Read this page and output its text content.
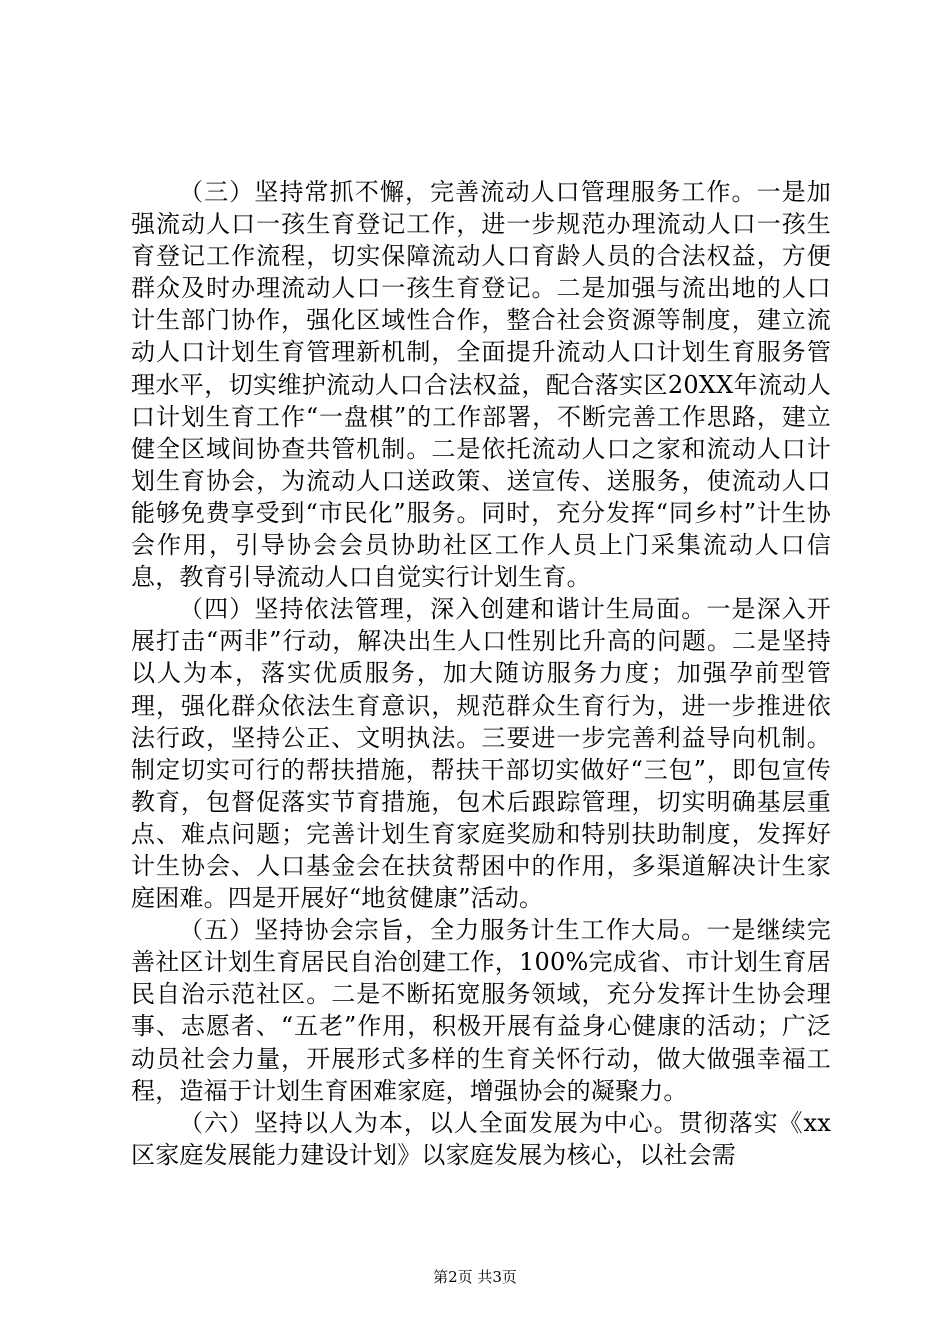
（三）坚持常抓不懈，完善流动人口管理服务工作。一是加强流动人口一孩生育登记工作，进一步规范办理流动人口一孩生育登记工作流程，切实保障流动人口育龄人员的合法权益，方便群众及时办理流动人口一孩生育登记。二是加强与流出地的人口计生部门协作，强化区域性合作，整合社会资源等制度，建立流动人口计划生育管理新机制，全面提升流动人口计划生育服务管理水平，切实维护流动人口合法权益，配合落实区20XX年流动人口计划生育工作“一盘棋”的工作部署，不断完善工作思路，建立健全区域间协查共管机制。二是依托流动人口之家和流动人口计划生育协会，为流动人口送政策、送宣传、送服务，使流动人口能够免费享受到“市民化”服务。同时，充分发挥“同乡村”计生协会作用，引导协会会员协助社区工作人员上门采集流动人口信息，教育引导流动人口自觉实行计划生育。

（四）坚持依法管理，深入创建和谐计生局面。一是深入开展打击“两非”行动，解决出生人口性别比升高的问题。二是坚持以人为本，落实优质服务，加大随访服务力度；加强孕前型管理，强化群众依法生育意识，规范群众生育行为，进一步推进依法行政，坚持公正、文明执法。三要进一步完善利益导向机制。制定切实可行的帮扶措施，帮扶干部切实做好“三包”，即包宣传教育，包督促落实节育措施，包术后跟踪管理，切实明确基层重点、难点问题；完善计划生育家庭奖励和特别扶助制度，发挥好计生协会、人口基金会在扶贫帮困中的作用，多渠道解决计生家庭困难。四是开展好“地贫健康”活动。

（五）坚持协会宗旨，全力服务计生工作大局。一是继续完善社区计划生育居民自治创建工作，100%完成省、市计划生育居民自治示范社区。二是不断拓宽服务领域，充分发挥计生协会理事、志愿者、“五老”作用，积极开展有益身心健康的活动；广泛动员社会力量，开展形式多样的生育关怀行动，做大做强幸福工程，造福于计划生育困难家庭，增强协会的凝聚力。

（六）坚持以人为本，以人全面发展为中心。贯彻落实《xx区家庭发展能力建设计划》以家庭发展为核心，以社会需

第2页 共3页
